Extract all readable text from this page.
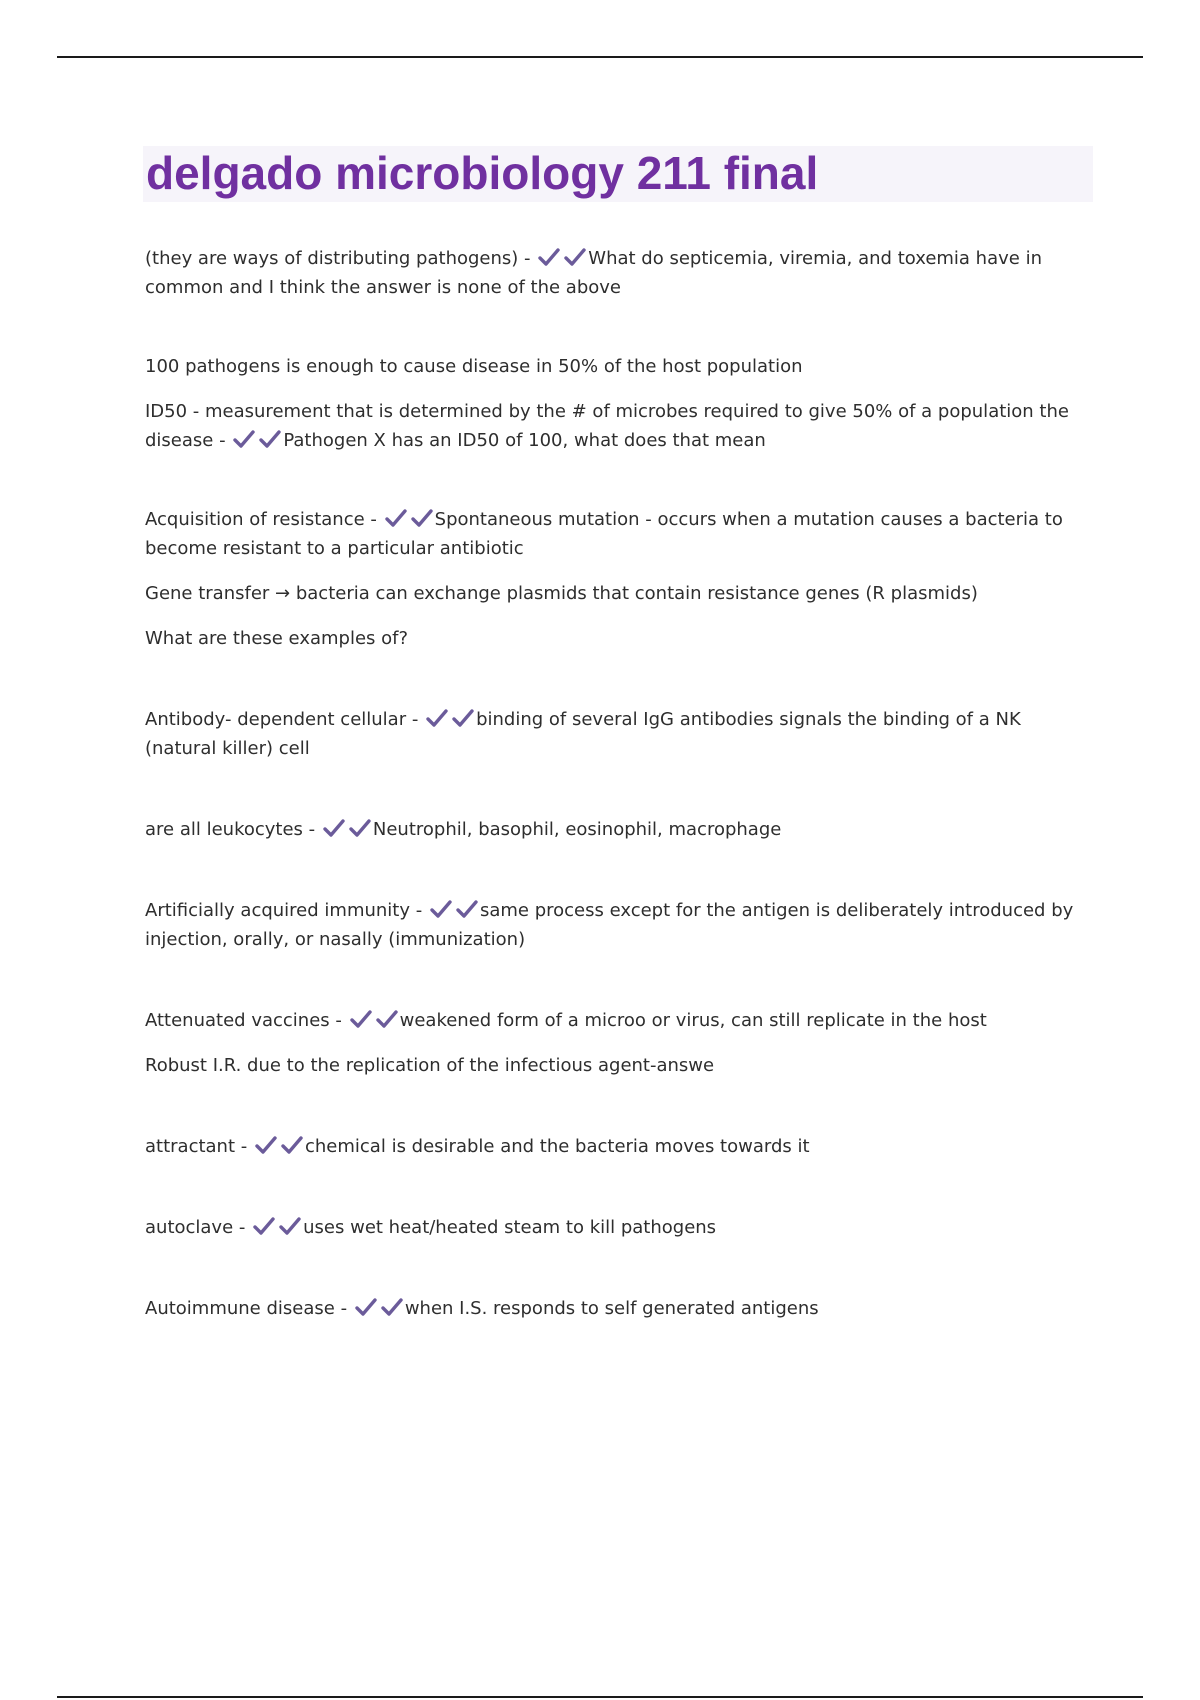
delgado microbiology 211 final

(they are ways of distributing pathogens) -	What do septicemia, viremia, and toxemia have in common and I think the answer is none of the above

100 pathogens is enough to cause disease in 50% of the host population

ID50 - measurement that is determined by the # of microbes required to give 50% of a population the disease -	Pathogen X has an ID50 of 100, what does that mean

Acquisition of resistance -	Spontaneous mutation - occurs when a mutation causes a bacteria to become resistant to a particular antibiotic

Gene transfer → bacteria can exchange plasmids that contain resistance genes (R plasmids)

What are these examples of?

Antibody- dependent cellular -	binding of several IgG antibodies signals the binding of a NK (natural killer) cell

are all leukocytes -	Neutrophil, basophil, eosinophil, macrophage

Artificially acquired immunity -	same process except for the antigen is deliberately introduced by injection, orally, or nasally (immunization)

Attenuated vaccines -	weakened form of a microo or virus, can still replicate in the host

Robust I.R. due to the replication of the infectious agent-answe

attractant -	chemical is desirable and the bacteria moves towards it

autoclave -	uses wet heat/heated steam to kill pathogens

Autoimmune disease -	when I.S. responds to self generated antigens
